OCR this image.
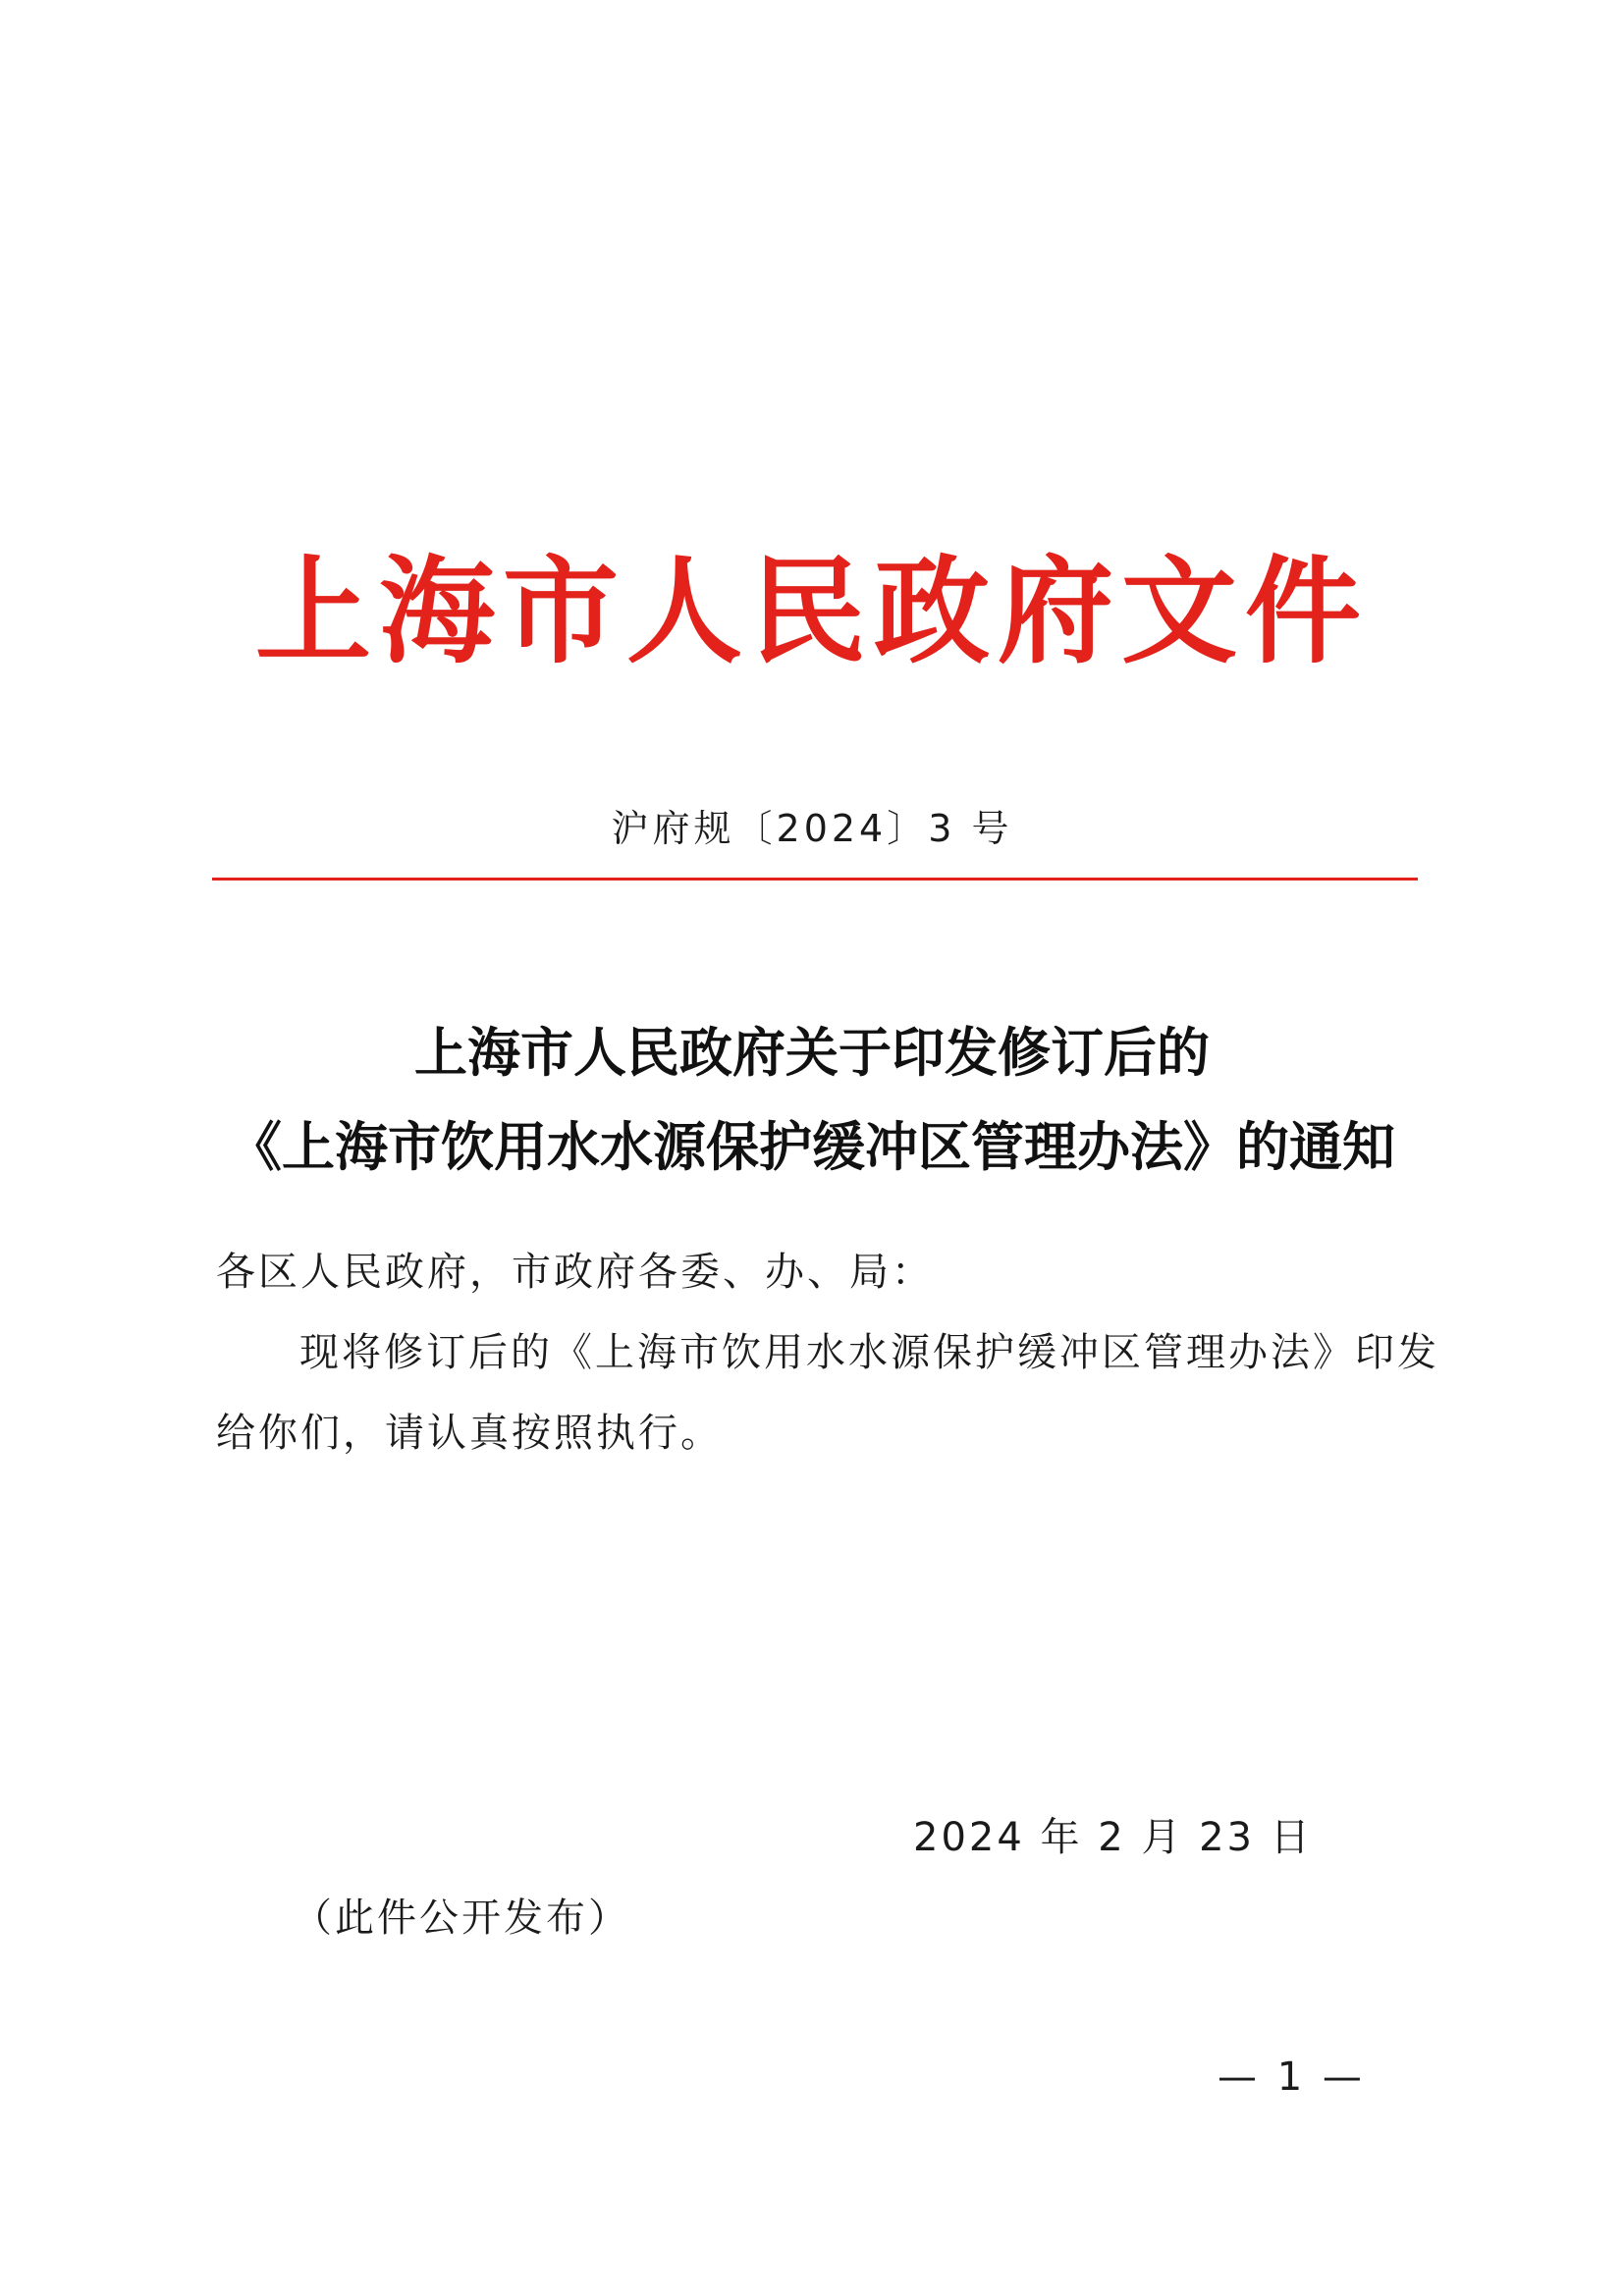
上海市人民政府文件
沪府规〔2024〕3 号
上海市人民政府关于印发修订后的
《上海市饮用水水源保护缓冲区管理办法》的通知
各区人民政府，市政府各委、办、局：
现将修订后的《上海市饮用水水源保护缓冲区管理办法》印发
给你们，请认真按照执行。
2024 年 2 月 23 日
（此件公开发布）
— 1 —
